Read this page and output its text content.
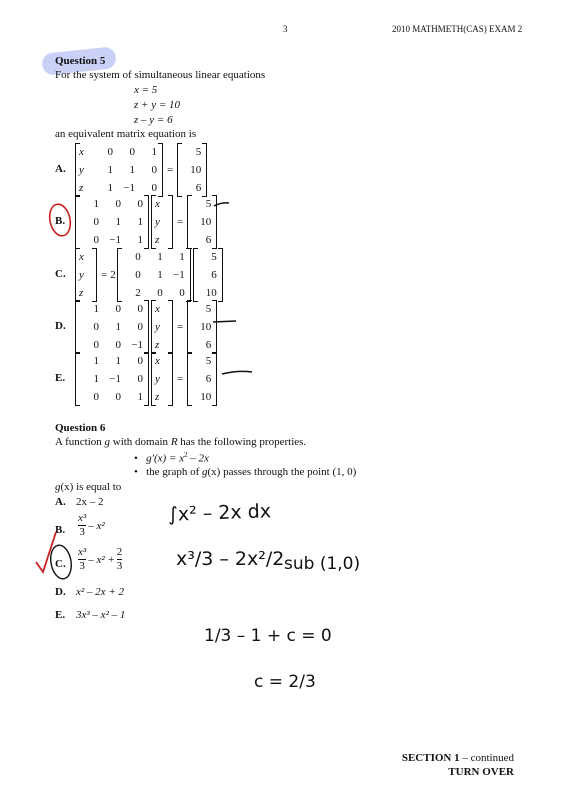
3	2010 MATHMETH(CAS) EXAM 2
Question 5
For the system of simultaneous linear equations
x = 5
z + y = 10
z – y = 6
an equivalent matrix equation is
A.
x	0	0	1
y	1	1	0
z	1 −1	0
=
5
10
6
B.
1	0	0
0	1	1
0 −1	1
x
y
z
=
5
10
6
C.
x
y
z
= 2
0	1	1
0	1 −1
2	0	0
5
6
10
D.
1	0	0
0	1	0
0	0 −1
x
y
z
=
5
10
6
E.
1	1	0
1 −1	0
0	0	1
x
y
z
=
5
6
10
Question 6
A function g with domain R has the following properties.
•   $g'(x) = x^2 - 2x$
•   the graph of g(x) passes through the point (1, 0)
g(x) is equal to
A. 2x – 2
B. $\frac{\text{x³}}{3} - x^2$
C. $\frac{\text{x³}}{3} - x^2 + \frac{2}{3}$
D. x² – 2x + 2
E. 3x³ – x² – 1
∫x² – 2x dx
x³/3 – 2x²/2 sub (1,0)
1/3 – 1 + c = 0
c = 2/3
SECTION 1 – continued
TURN OVER
